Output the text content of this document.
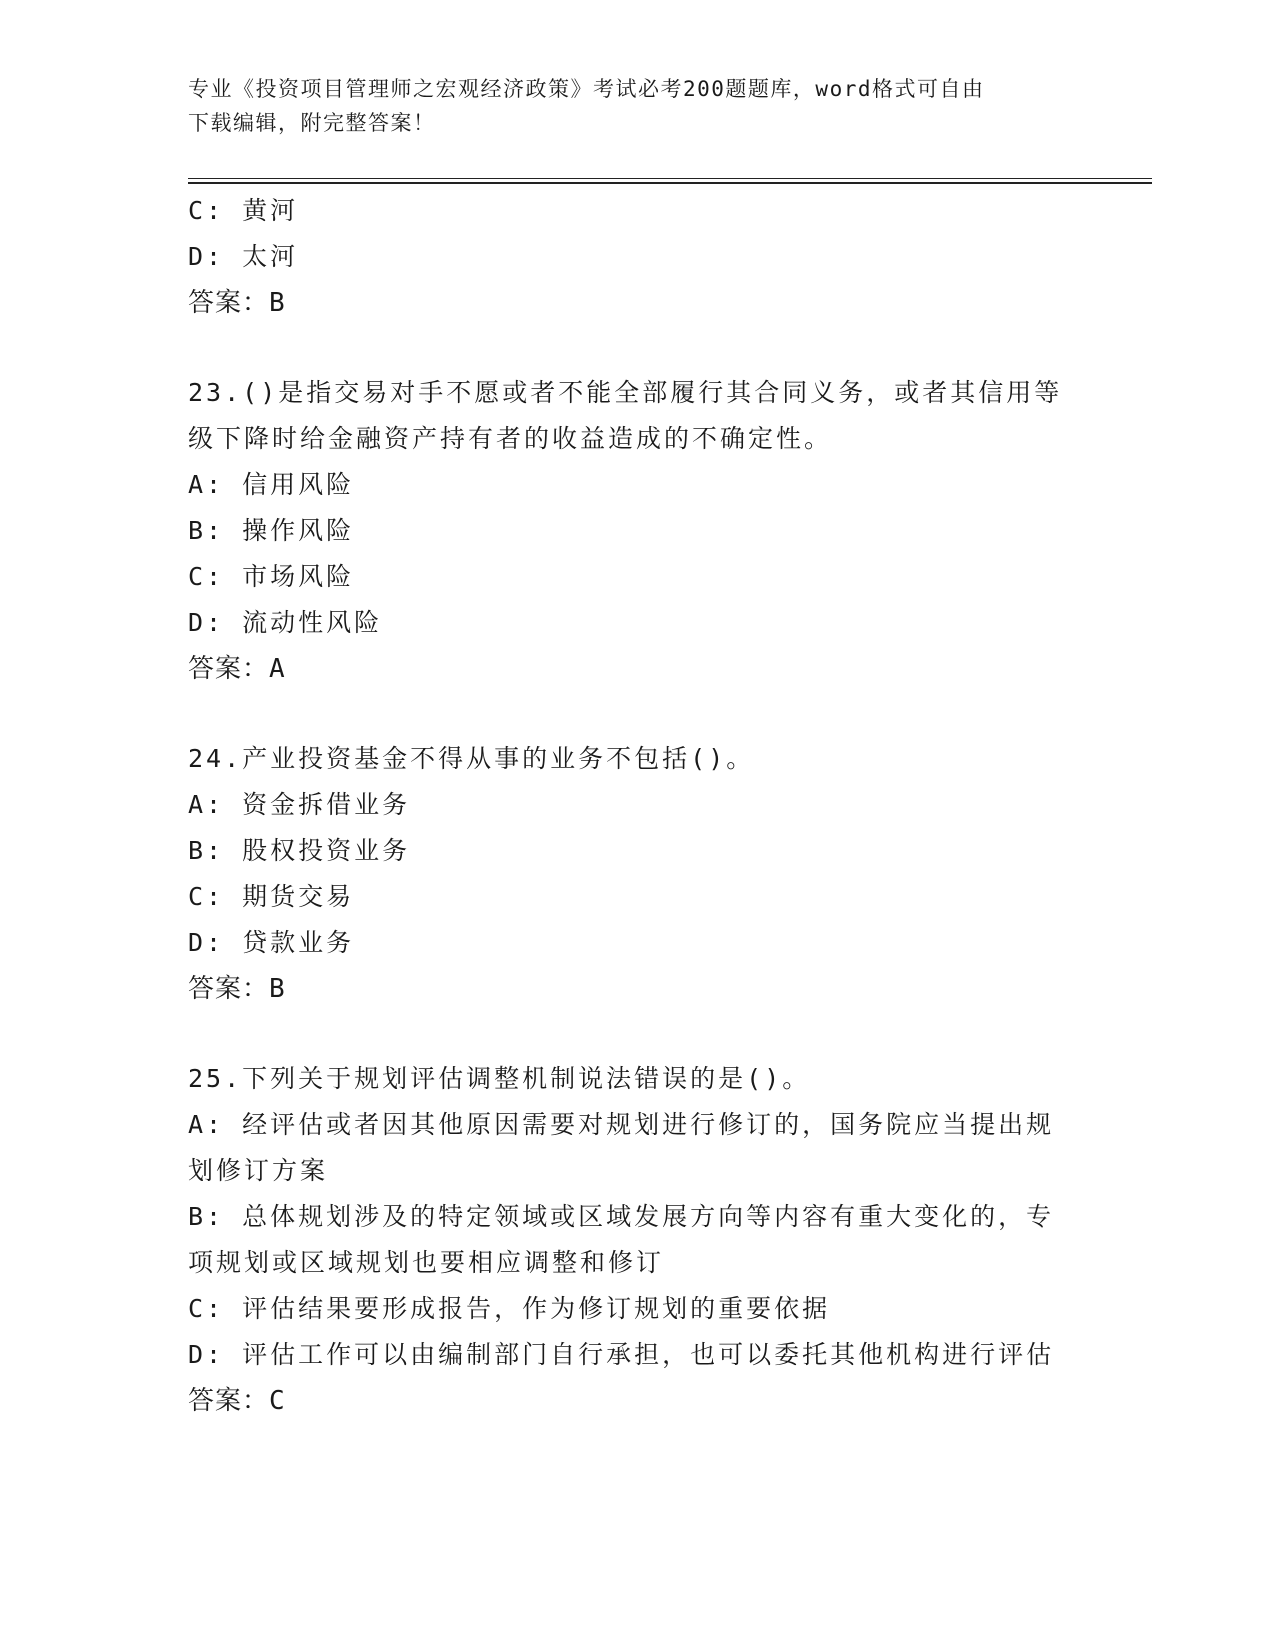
专业《投资项目管理师之宏观经济政策》考试必考200题题库，word格式可自由
下载编辑，附完整答案！

C: 黄河

D: 太河

答案：B

23.()是指交易对手不愿或者不能全部履行其合同义务，或者其信用等

级下降时给金融资产持有者的收益造成的不确定性。

A: 信用风险

B: 操作风险

C: 市场风险

D: 流动性风险

答案：A

24.产业投资基金不得从事的业务不包括()。

A: 资金拆借业务

B: 股权投资业务

C: 期货交易

D: 贷款业务

答案：B

25.下列关于规划评估调整机制说法错误的是()。

A: 经评估或者因其他原因需要对规划进行修订的，国务院应当提出规

划修订方案

B: 总体规划涉及的特定领域或区域发展方向等内容有重大变化的，专

项规划或区域规划也要相应调整和修订

C: 评估结果要形成报告，作为修订规划的重要依据

D: 评估工作可以由编制部门自行承担，也可以委托其他机构进行评估

答案：C
